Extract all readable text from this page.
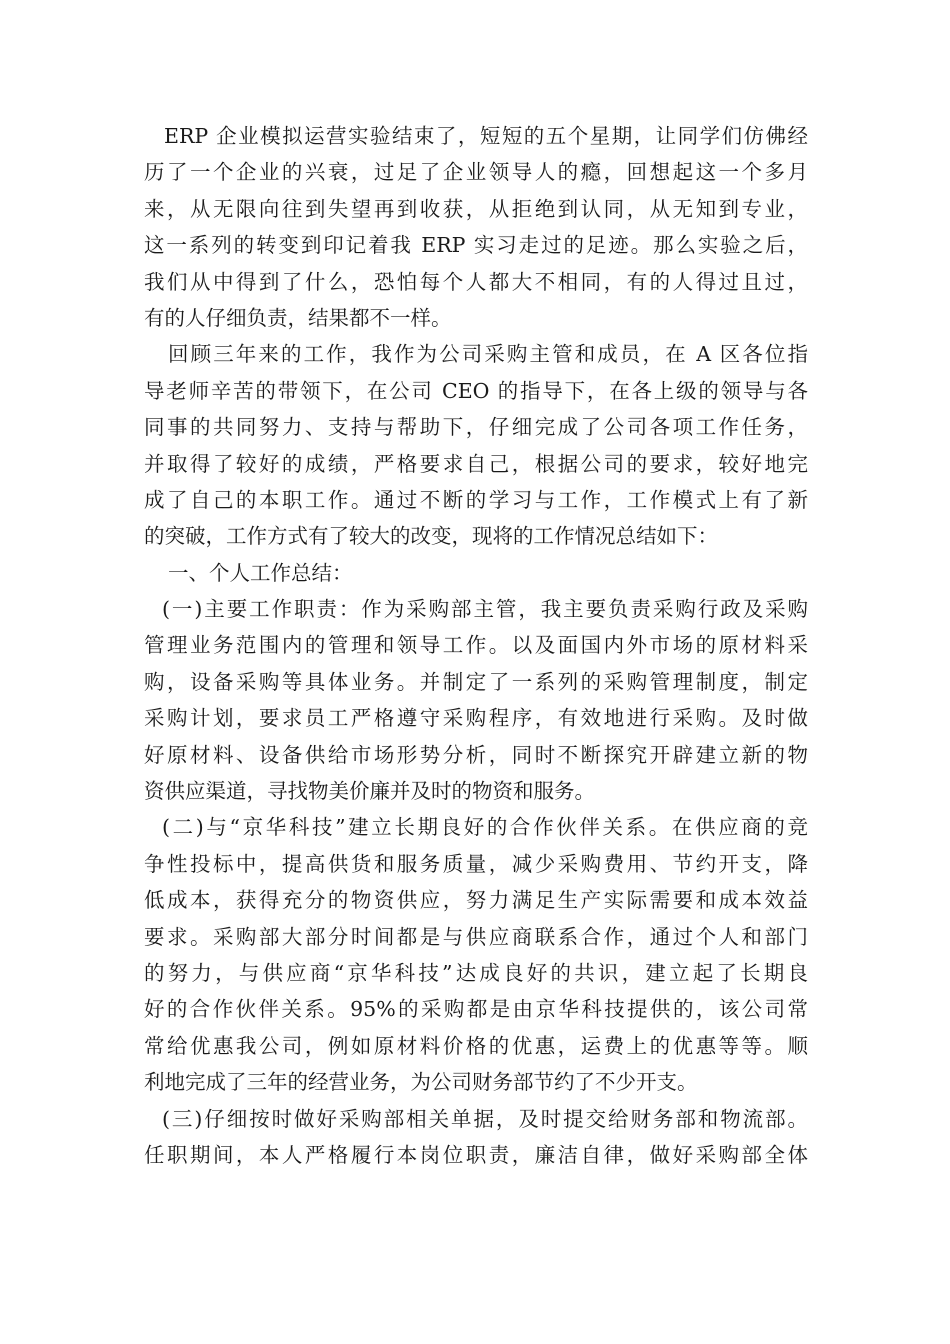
ERP 企业模拟运营实验结束了，短短的五个星期，让同学们仿佛经
历了一个企业的兴衰，过足了企业领导人的瘾，回想起这一个多月
来，从无限向往到失望再到收获，从拒绝到认同，从无知到专业，
这一系列的转变到印记着我 ERP 实习走过的足迹。那么实验之后，
我们从中得到了什么，恐怕每个人都大不相同，有的人得过且过，
有的人仔细负责，结果都不一样。
回顾三年来的工作，我作为公司采购主管和成员，在 A 区各位指
导老师辛苦的带领下，在公司 CEO 的指导下，在各上级的领导与各
同事的共同努力、支持与帮助下，仔细完成了公司各项工作任务，
并取得了较好的成绩，严格要求自己，根据公司的要求，较好地完
成了自己的本职工作。通过不断的学习与工作，工作模式上有了新
的突破，工作方式有了较大的改变，现将的工作情况总结如下：
一、个人工作总结：
(一)主要工作职责：作为采购部主管，我主要负责采购行政及采购
管理业务范围内的管理和领导工作。以及面国内外市场的原材料采
购，设备采购等具体业务。并制定了一系列的采购管理制度，制定
采购计划，要求员工严格遵守采购程序，有效地进行采购。及时做
好原材料、设备供给市场形势分析，同时不断探究开辟建立新的物
资供应渠道，寻找物美价廉并及时的物资和服务。
(二)与“京华科技”建立长期良好的合作伙伴关系。在供应商的竞
争性投标中，提高供货和服务质量，减少采购费用、节约开支，降
低成本，获得充分的物资供应，努力满足生产实际需要和成本效益
要求。采购部大部分时间都是与供应商联系合作，通过个人和部门
的努力，与供应商“京华科技”达成良好的共识，建立起了长期良
好的合作伙伴关系。95%的采购都是由京华科技提供的，该公司常
常给优惠我公司，例如原材料价格的优惠，运费上的优惠等等。顺
利地完成了三年的经营业务，为公司财务部节约了不少开支。
(三)仔细按时做好采购部相关单据，及时提交给财务部和物流部。
任职期间，本人严格履行本岗位职责，廉洁自律，做好采购部全体
